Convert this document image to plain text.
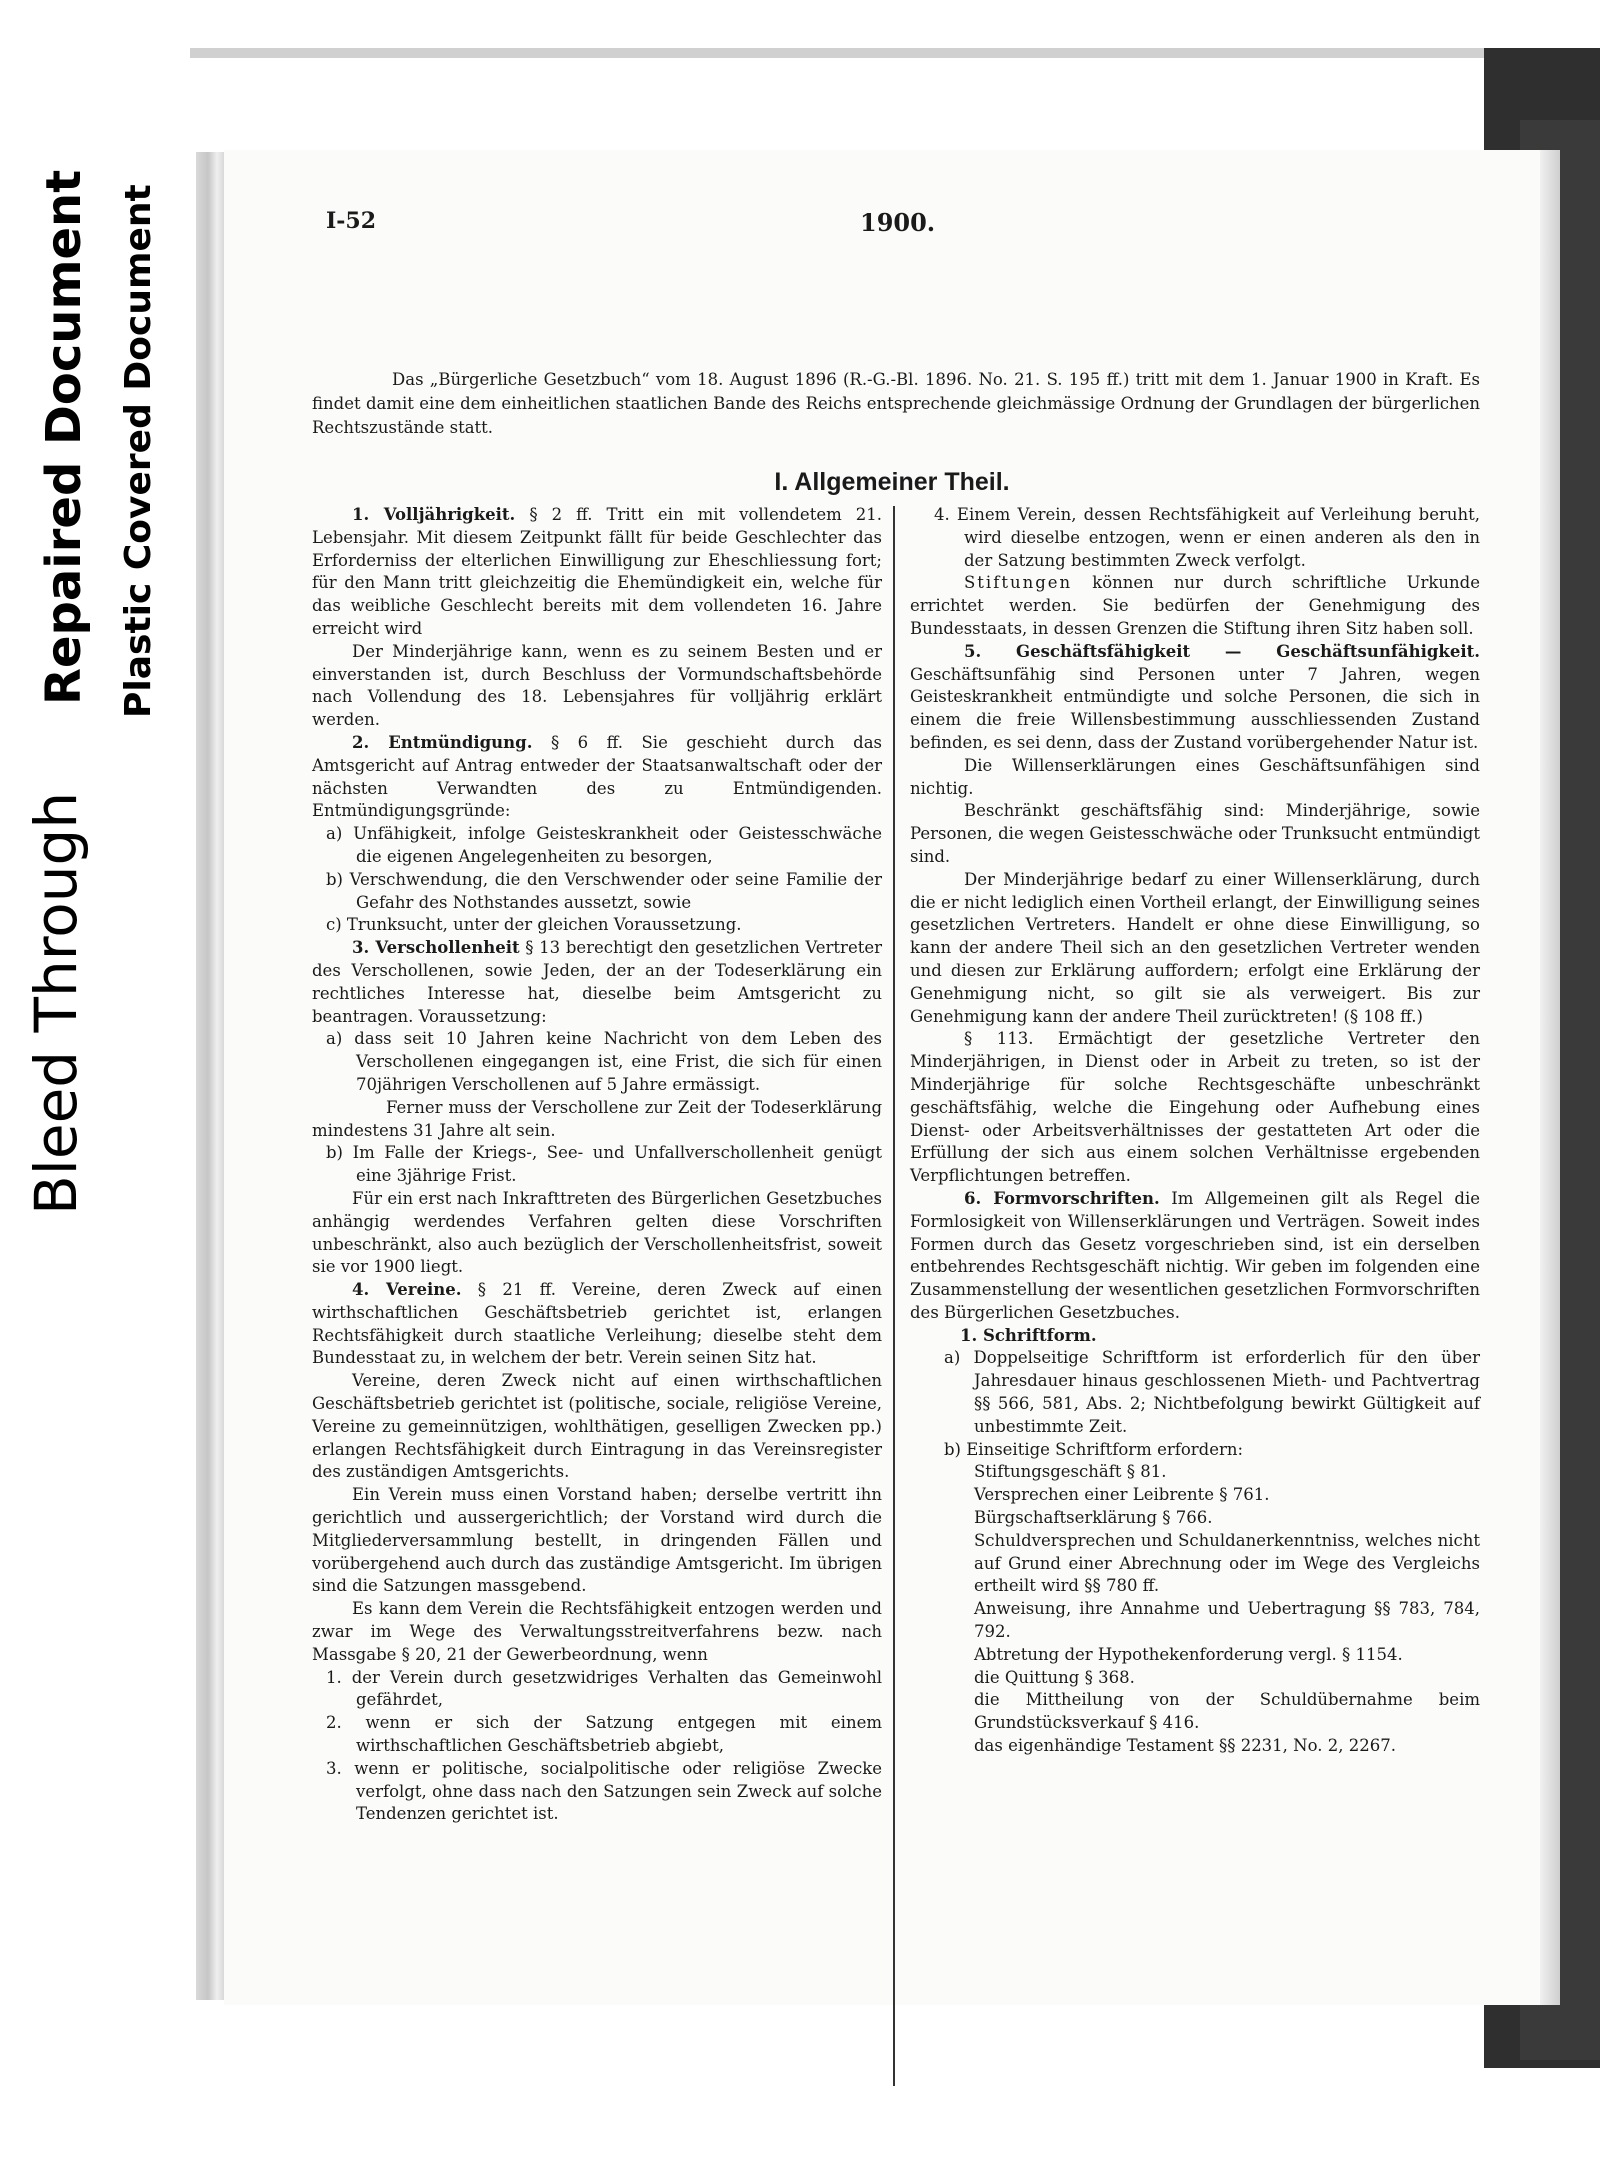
Bleed Through
Repaired Document Plastic Covered Document	I-52	1900.

Das „Bürgerliche Gesetzbuch“ vom 18. August 1896 (R.-G.-Bl. 1896. No. 21. S. 195 ff.) tritt mit dem 1. Januar 1900 in Kraft. Es findet damit eine dem einheitlichen staatlichen Bande des Reichs entsprechende gleichmässige Ordnung der Grundlagen der bürgerlichen Rechtszustände statt.

I. Allgemeiner Theil.

1. Volljährigkeit. § 2 ff. Tritt ein mit vollendetem 21. Lebensjahr. Mit diesem Zeitpunkt fällt für beide Geschlechter das Erforderniss der elterlichen Einwilligung zur Eheschliessung fort; für den Mann tritt gleichzeitig die Ehemündigkeit ein, welche für das weibliche Geschlecht bereits mit dem vollendeten 16. Jahre erreicht wird

Der Minderjährige kann, wenn es zu seinem Besten und er einverstanden ist, durch Beschluss der Vormundschaftsbehörde nach Vollendung des 18. Lebensjahres für volljährig erklärt werden.

2. Entmündigung. § 6 ff. Sie geschieht durch das Amtsgericht auf Antrag entweder der Staatsanwaltschaft oder der nächsten Verwandten des zu Entmündigenden. Entmündigungsgründe:

a) Unfähigkeit, infolge Geisteskrankheit oder Geistesschwäche die eigenen Angelegenheiten zu besorgen,

b) Verschwendung, die den Verschwender oder seine Familie der Gefahr des Nothstandes aussetzt, sowie

c) Trunksucht, unter der gleichen Voraussetzung.

3. Verschollenheit § 13 berechtigt den gesetzlichen Vertreter des Verschollenen, sowie Jeden, der an der Todeserklärung ein rechtliches Interesse hat, dieselbe beim Amtsgericht zu beantragen. Voraussetzung:

a) dass seit 10 Jahren keine Nachricht von dem Leben des Verschollenen eingegangen ist, eine Frist, die sich für einen 70jährigen Verschollenen auf 5 Jahre ermässigt.

Ferner muss der Verschollene zur Zeit der Todeserklärung mindestens 31 Jahre alt sein.

b) Im Falle der Kriegs-, See- und Unfallverschollenheit genügt eine 3jährige Frist.

Für ein erst nach Inkrafttreten des Bürgerlichen Gesetzbuches anhängig werdendes Verfahren gelten diese Vorschriften unbeschränkt, also auch bezüglich der Verschollenheitsfrist, soweit sie vor 1900 liegt.

4. Vereine. § 21 ff. Vereine, deren Zweck auf einen wirthschaftlichen Geschäftsbetrieb gerichtet ist, erlangen Rechtsfähigkeit durch staatliche Verleihung; dieselbe steht dem Bundesstaat zu, in welchem der betr. Verein seinen Sitz hat.

Vereine, deren Zweck nicht auf einen wirthschaftlichen Geschäftsbetrieb gerichtet ist (politische, sociale, religiöse Vereine, Vereine zu gemeinnützigen, wohlthätigen, geselligen Zwecken pp.) erlangen Rechtsfähigkeit durch Eintragung in das Vereinsregister des zuständigen Amtsgerichts.

Ein Verein muss einen Vorstand haben; derselbe vertritt ihn gerichtlich und aussergerichtlich; der Vorstand wird durch die Mitgliederversammlung bestellt, in dringenden Fällen und vorübergehend auch durch das zuständige Amtsgericht. Im übrigen sind die Satzungen massgebend.

Es kann dem Verein die Rechtsfähigkeit entzogen werden und zwar im Wege des Verwaltungsstreitverfahrens bezw. nach Massgabe § 20, 21 der Gewerbeordnung, wenn

1. der Verein durch gesetzwidriges Verhalten das Gemeinwohl gefährdet,

2. wenn er sich der Satzung entgegen mit einem wirthschaftlichen Geschäftsbetrieb abgiebt,

3. wenn er politische, socialpolitische oder religiöse Zwecke verfolgt, ohne dass nach den Satzungen sein Zweck auf solche Tendenzen gerichtet ist.

4. Einem Verein, dessen Rechtsfähigkeit auf Verleihung beruht, wird dieselbe entzogen, wenn er einen anderen als den in der Satzung bestimmten Zweck verfolgt.

Stiftungen können nur durch schriftliche Urkunde errichtet werden. Sie bedürfen der Genehmigung des Bundesstaats, in dessen Grenzen die Stiftung ihren Sitz haben soll.

5. Geschäftsfähigkeit — Geschäftsunfähigkeit. Geschäftsunfähig sind Personen unter 7 Jahren, wegen Geisteskrankheit entmündigte und solche Personen, die sich in einem die freie Willensbestimmung ausschliessenden Zustand befinden, es sei denn, dass der Zustand vorübergehender Natur ist.

Die Willenserklärungen eines Geschäftsunfähigen sind nichtig.

Beschränkt geschäftsfähig sind: Minderjährige, sowie Personen, die wegen Geistesschwäche oder Trunksucht entmündigt sind.

Der Minderjährige bedarf zu einer Willenserklärung, durch die er nicht lediglich einen Vortheil erlangt, der Einwilligung seines gesetzlichen Vertreters. Handelt er ohne diese Einwilligung, so kann der andere Theil sich an den gesetzlichen Vertreter wenden und diesen zur Erklärung auffordern; erfolgt eine Erklärung der Genehmigung nicht, so gilt sie als verweigert. Bis zur Genehmigung kann der andere Theil zurücktreten! (§ 108 ff.)

§ 113. Ermächtigt der gesetzliche Vertreter den Minderjährigen, in Dienst oder in Arbeit zu treten, so ist der Minderjährige für solche Rechtsgeschäfte unbeschränkt geschäftsfähig, welche die Eingehung oder Aufhebung eines Dienst- oder Arbeitsverhältnisses der gestatteten Art oder die Erfüllung der sich aus einem solchen Verhältnisse ergebenden Verpflichtungen betreffen.

6. Formvorschriften. Im Allgemeinen gilt als Regel die Formlosigkeit von Willenserklärungen und Verträgen. Soweit indes Formen durch das Gesetz vorgeschrieben sind, ist ein derselben entbehrendes Rechtsgeschäft nichtig. Wir geben im folgenden eine Zusammenstellung der wesentlichen gesetzlichen Formvorschriften des Bürgerlichen Gesetzbuches.

1. Schriftform.

a) Doppelseitige Schriftform ist erforderlich für den über Jahresdauer hinaus geschlossenen Mieth- und Pachtvertrag §§ 566, 581, Abs. 2; Nichtbefolgung bewirkt Gültigkeit auf unbestimmte Zeit.

b) Einseitige Schriftform erfordern:

Stiftungsgeschäft § 81.

Versprechen einer Leibrente § 761.

Bürgschaftserklärung § 766.

Schuldversprechen und Schuldanerkenntniss, welches nicht auf Grund einer Abrechnung oder im Wege des Vergleichs ertheilt wird §§ 780 ff.

Anweisung, ihre Annahme und Uebertragung §§ 783, 784, 792.

Abtretung der Hypothekenforderung vergl. § 1154.

die Quittung § 368.

die Mittheilung von der Schuldübernahme beim Grundstücksverkauf § 416.

das eigenhändige Testament §§ 2231, No. 2, 2267.
